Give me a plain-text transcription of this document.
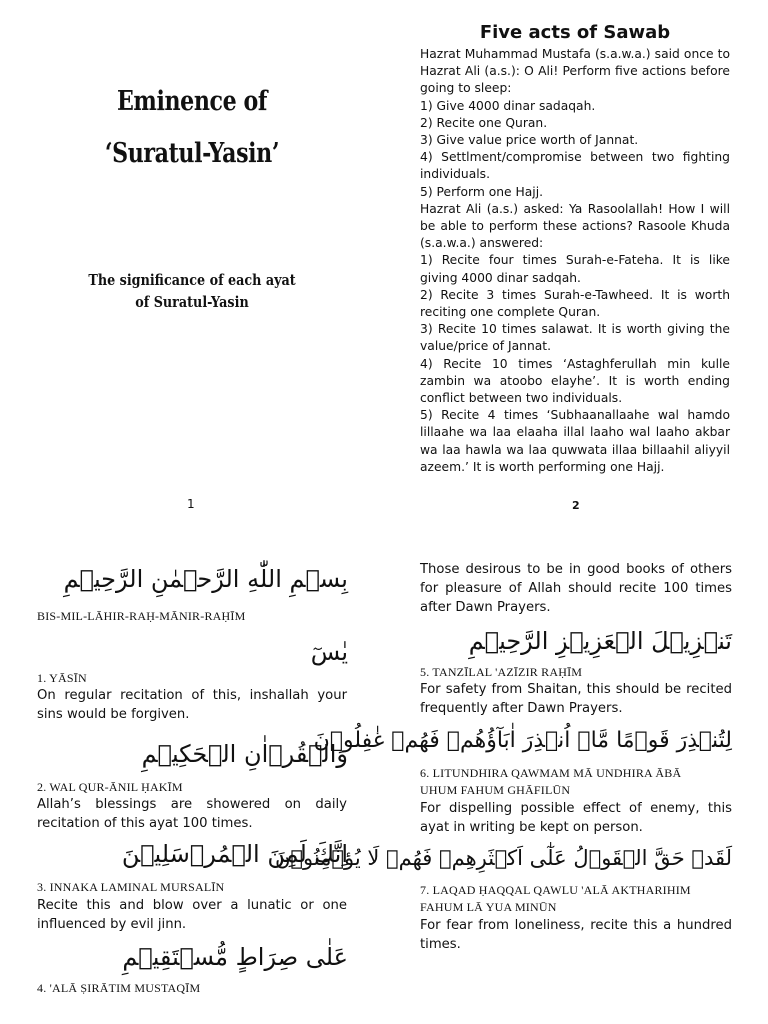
Eminence of
‘Suratul-Yasin’
The significance of each ayat
of Suratul-Yasin
1
Five acts of Sawab
Hazrat Muhammad Mustafa (s.a.w.a.) said once to Hazrat Ali (a.s.): O Ali! Perform five actions before going to sleep:
1) Give 4000 dinar sadaqah.
2) Recite one Quran.
3) Give value price worth of Jannat.
4) Settlment/compromise between two fighting individuals.
5) Perform one Hajj.
Hazrat Ali (a.s.) asked: Ya Rasoolallah! How I will be able to perform these actions? Rasoole Khuda (s.a.w.a.) answered:
1) Recite four times Surah-e-Fateha. It is like giving 4000 dinar sadqah.
2) Recite 3 times Surah-e-Tawheed. It is worth reciting one complete Quran.
3) Recite 10 times salawat. It is worth giving the value/price of Jannat.
4) Recite 10 times ‘Astaghferullah min kulle zambin wa atoobo elayhe’. It is worth ending conflict between two individuals.
5) Recite 4 times ‘Subhaanallaahe wal hamdo lillaahe wa laa elaaha illal laaho wal laaho akbar wa laa hawla wa laa quwwata illaa billaahil aliyyil azeem.’ It is worth performing one Hajj.
2
بِسۡمِ اللّٰهِ الرَّحۡمٰنِ الرَّحِيۡمِ
BIS-MIL-LĀHIR-RAḤ-MĀNIR-RAḤĪM
يٰسٓ
1. YĀSĪN
On regular recitation of this, inshallah your sins would be forgiven.
وَالۡقُرۡاٰنِ الۡحَكِيۡمِ
2. WAL QUR-ĀNIL ḤAKĪM
Allah’s blessings are showered on daily recitation of this ayat 100 times.
اِنَّكَ لَمِنَ الۡمُرۡسَلِيۡنَ
3. INNAKA LAMINAL MURSALĪN
Recite this and blow over a lunatic or one influenced by evil jinn.
عَلٰى صِرَاطٍ مُّسۡتَقِيۡمِ
4. 'ALĀ ṢIRĀTIM MUSTAQĪM
Those desirous to be in good books of others for pleasure of Allah should recite 100 times after Dawn Prayers.
تَنۡزِيۡلَ الۡعَزِيۡزِ الرَّحِيۡمِ
5. TANZĪLAL 'AZĪZIR RAḤĪM
For safety from Shaitan, this should be recited frequently after Dawn Prayers.
لِتُنۡذِرَ قَوۡمًا مَّاۤ اُنۡذِرَ اٰبَآؤُهُمۡ فَهُمۡ غٰفِلُوۡنَ
6. LITUNDHIRA QAWMAM MĀ UNDHIRA ĀBĀ
UHUM FAHUM GHĀFILŪN
For dispelling possible effect of enemy, this ayat in writing be kept on person.
لَقَدۡ حَقَّ الۡقَوۡلُ عَلٰٓى اَكۡثَرِهِمۡ فَهُمۡ لَا يُؤۡمِنُوۡنَ
7. LAQAD ḤAQQAL QAWLU 'ALĀ AKTHARIHIM
FAHUM LĀ YUA MINŪN
For fear from loneliness, recite this a hundred times.
